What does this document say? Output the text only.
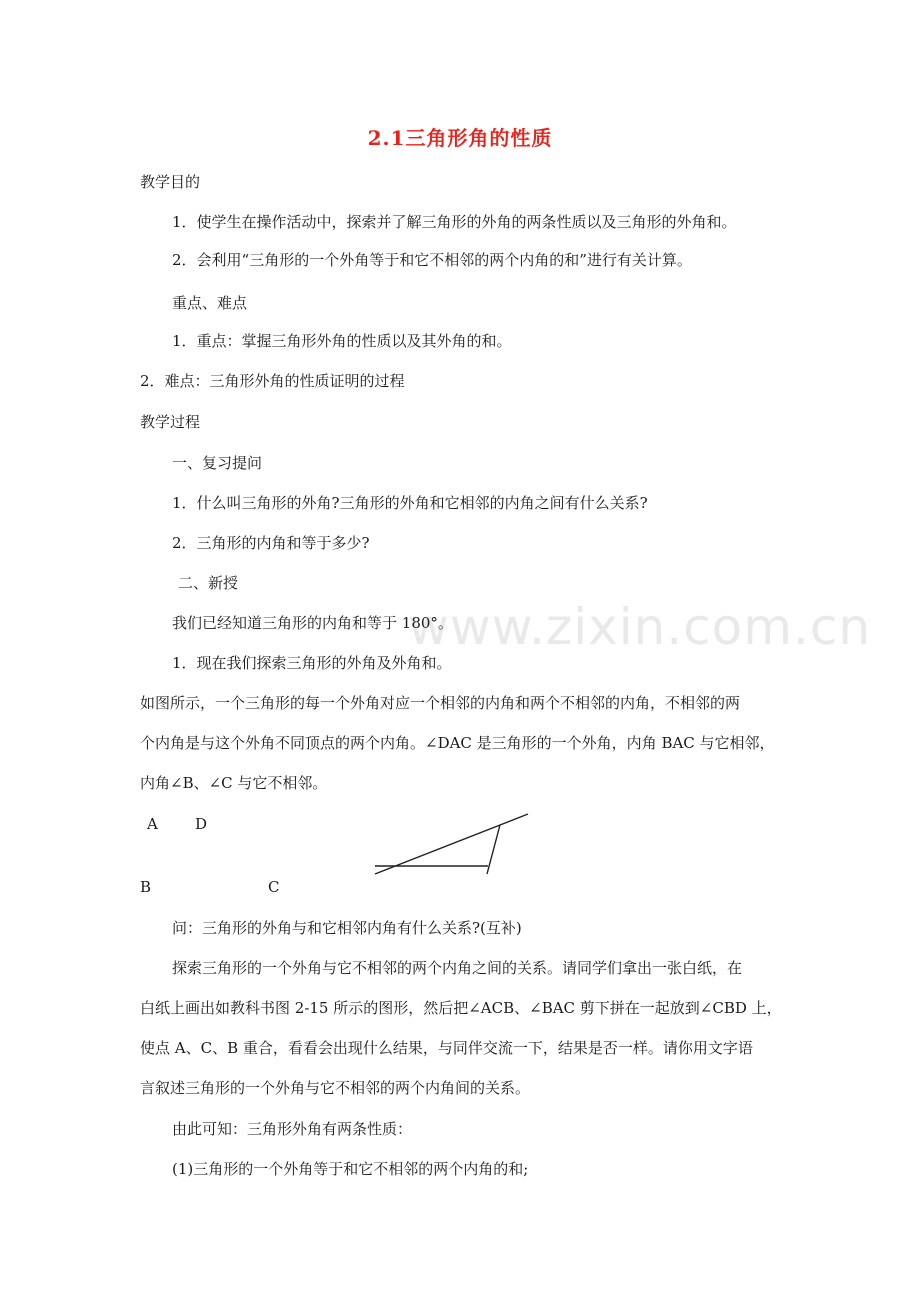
www.zixin.com.cn
2.1三角形角的性质
教学目的
1．使学生在操作活动中，探索并了解三角形的外角的两条性质以及三角形的外角和。
2．会利用“三角形的一个外角等于和它不相邻的两个内角的和”进行有关计算。
重点、难点
1．重点：掌握三角形外角的性质以及其外角的和。
2．难点：三角形外角的性质证明的过程
教学过程
一、复习提问
1．什么叫三角形的外角?三角形的外角和它相邻的内角之间有什么关系?
2．三角形的内角和等于多少?
二、新授
我们已经知道三角形的内角和等于 180°。
1．现在我们探索三角形的外角及外角和。
如图所示，一个三角形的每一个外角对应一个相邻的内角和两个不相邻的内角，不相邻的两
个内角是与这个外角不同顶点的两个内角。∠DAC 是三角形的一个外角，内角 BAC 与它相邻，
内角∠B、∠C 与它不相邻。
A D
B	C
问：三角形的外角与和它相邻内角有什么关系?(互补)
探索三角形的一个外角与它不相邻的两个内角之间的关系。请同学们拿出一张白纸，在
白纸上画出如教科书图 2-15 所示的图形，然后把∠ACB、∠BAC 剪下拼在一起放到∠CBD 上，
使点 A、C、B 重合，看看会出现什么结果，与同伴交流一下，结果是否一样。请你用文字语
言叙述三角形的一个外角与它不相邻的两个内角间的关系。
由此可知：三角形外角有两条性质：
(1)三角形的一个外角等于和它不相邻的两个内角的和;
